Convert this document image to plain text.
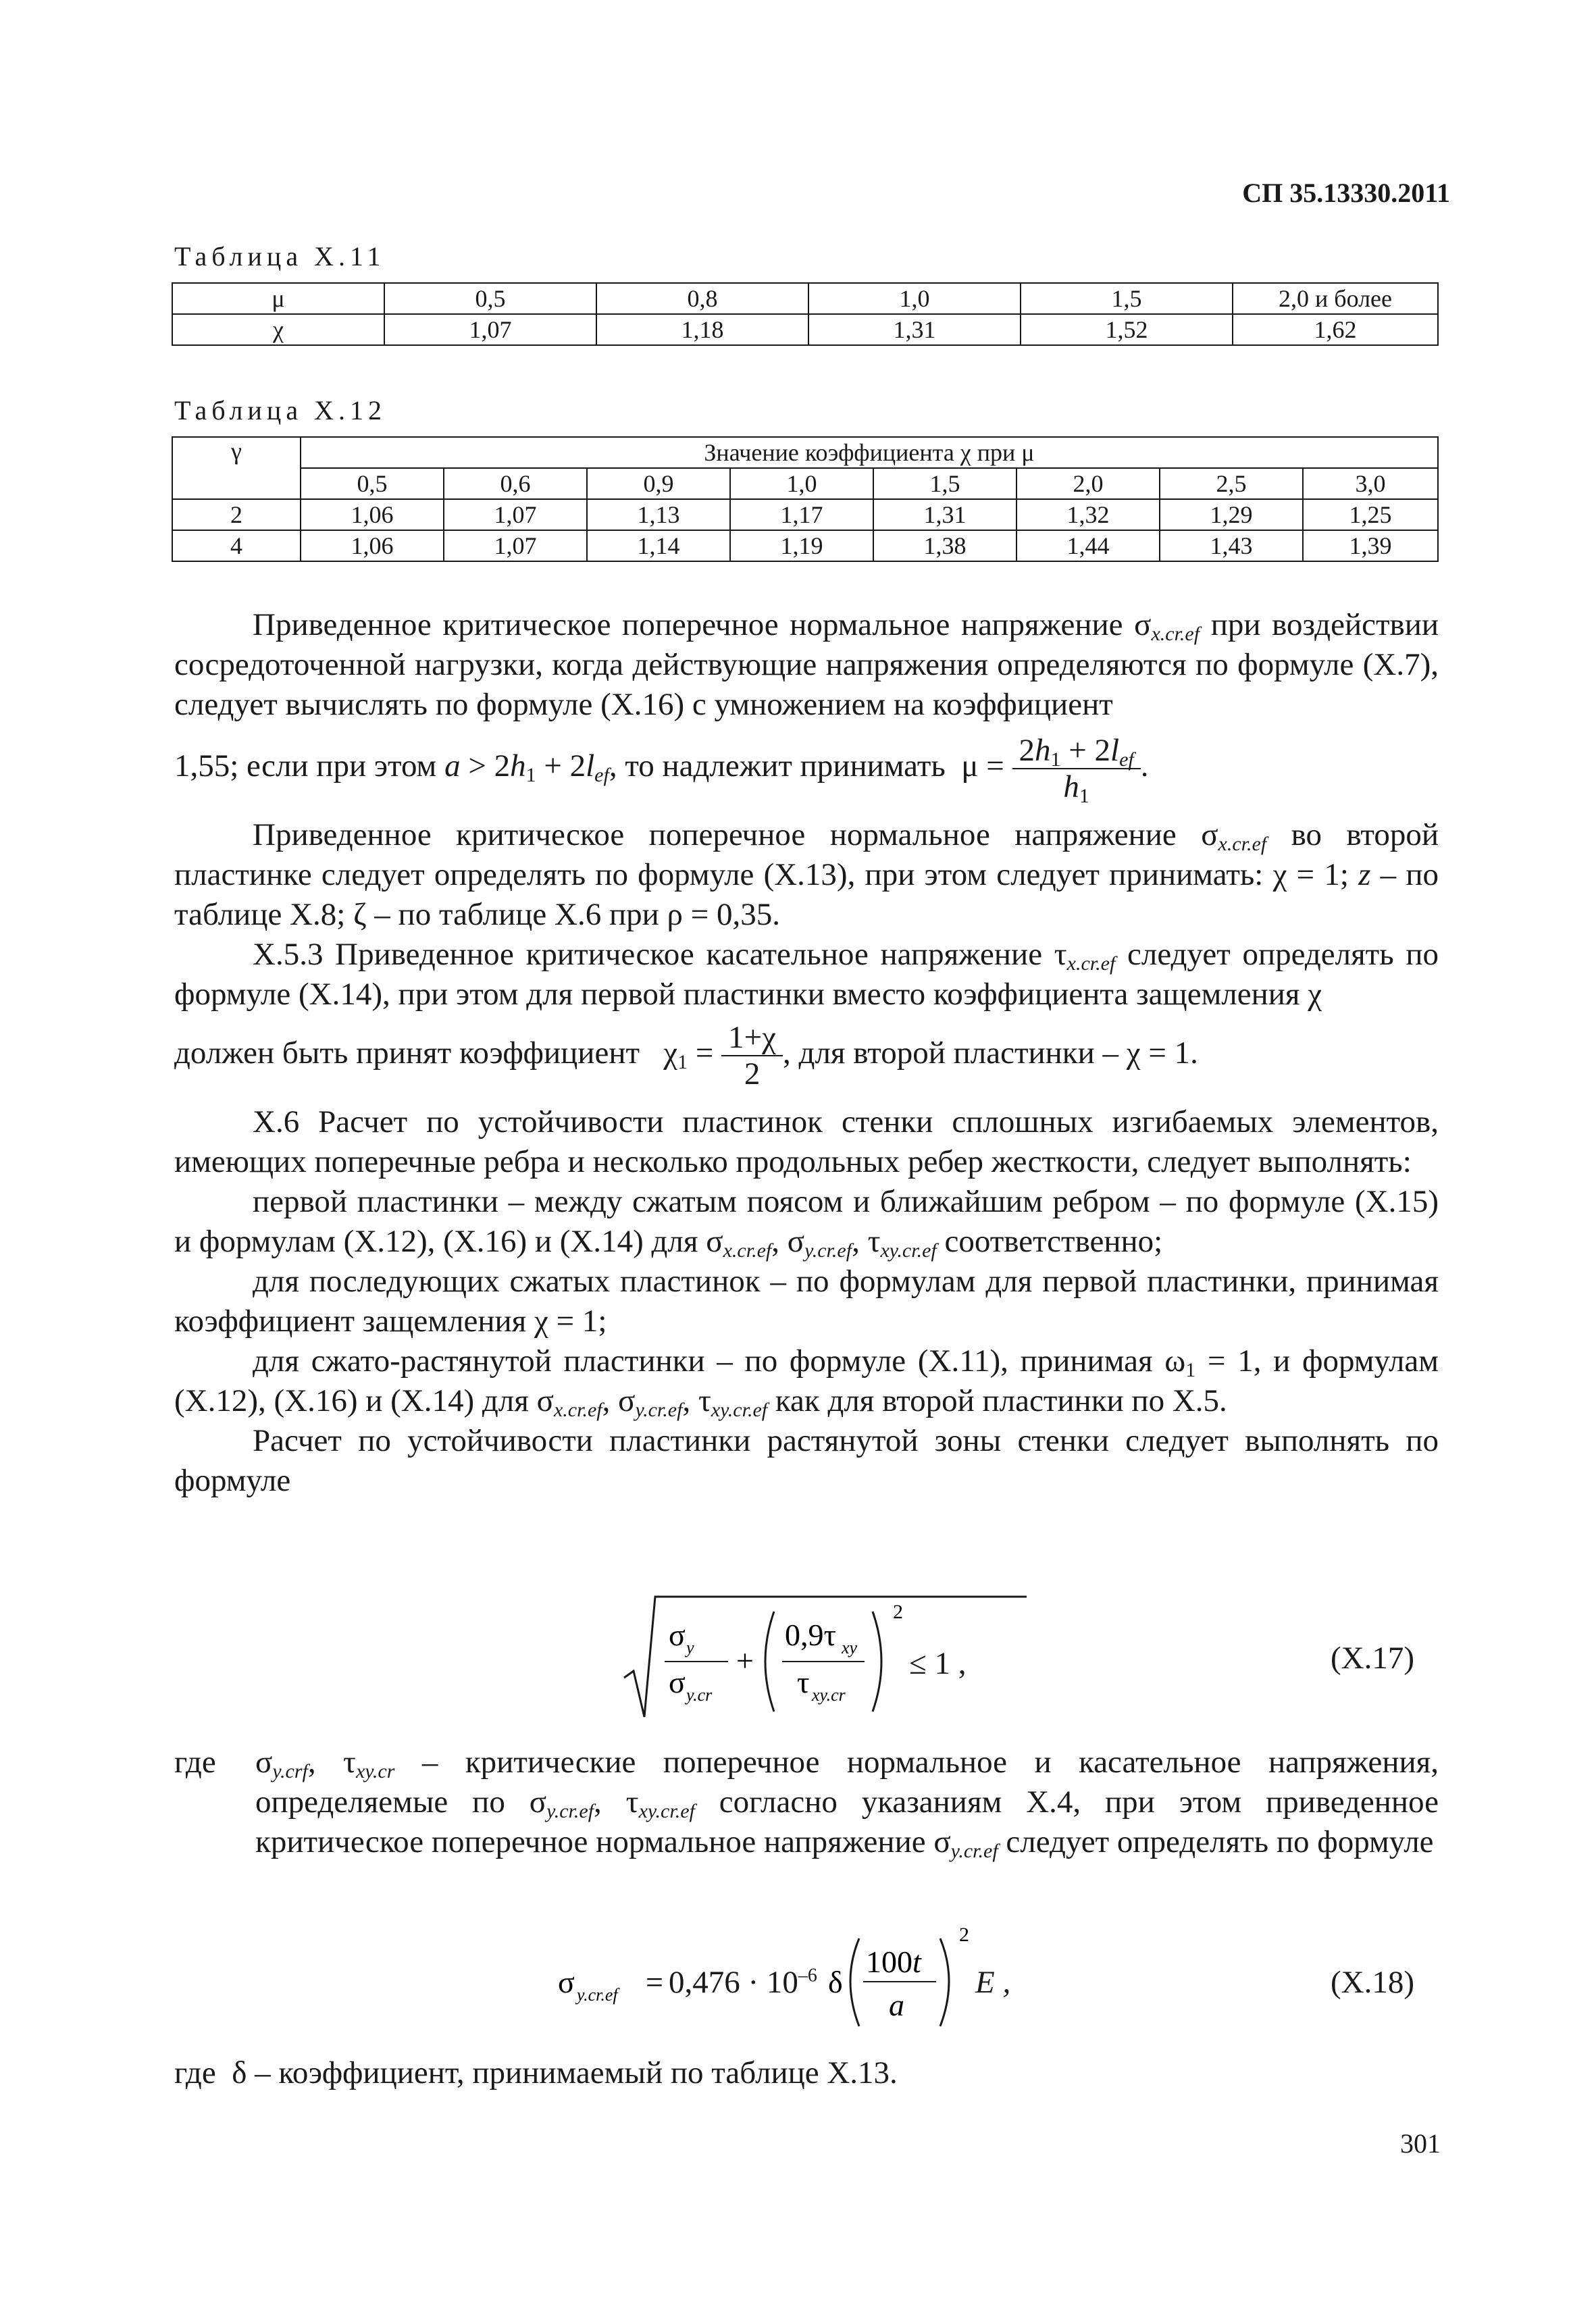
СП 35.13330.2011
Таблица Х.11
μ	0,5	0,8	1,0	1,5	2,0 и более
χ	1,07	1,18	1,31	1,52	1,62
Таблица Х.12
γ	Значение коэффициента χ при μ							
	0,5	0,6	0,9	1,0	1,5	2,0	2,5	3,0
2	1,06	1,07	1,13	1,17	1,31	1,32	1,29	1,25
4	1,06	1,07	1,14	1,19	1,38	1,44	1,43	1,39

Приведенное критическое поперечное нормальное напряжение $\sigma_{x.cr.ef}$ при воздействии сосредоточенной нагрузки, когда действующие напряжения определяются по формуле (Х.7), следует вычислять по формуле (Х.16) с умножением на коэффициент

1,55; если при этом $a > 2h_1 + 2l_{ef}$, то надлежит принимать  $\mu = \frac{2h_1 + 2l_{ef}}{h_1}$ .

Приведенное критическое поперечное нормальное напряжение $\sigma_{x.cr.ef}$ во второй пластинке следует определять по формуле (Х.13), при этом следует принимать: χ = 1; z – по таблице Х.8; ζ – по таблице Х.6 при ρ = 0,35.

Х.5.3 Приведенное критическое касательное напряжение $\tau_{x.cr.ef}$ следует определять по формуле (Х.14), при этом для первой пластинки вместо коэффициента защемления χ

должен быть принят коэффициент   $\chi_1 = \frac{1+\chi}{2}$ , для второй пластинки – χ = 1.

Х.6 Расчет по устойчивости пластинок стенки сплошных изгибаемых элементов, имеющих поперечные ребра и несколько продольных ребер жесткости, следует выполнять:

первой пластинки – между сжатым поясом и ближайшим ребром – по формуле (Х.15) и формулам (Х.12), (Х.16) и (Х.14) для $\sigma_{x.cr.ef}$, $\sigma_{y.cr.ef}$, $\tau_{xy.cr.ef}$ соответственно;

для последующих сжатых пластинок – по формулам для первой пластинки, принимая коэффициент защемления χ = 1;

для сжато-растянутой пластинки – по формуле (Х.11), принимая $\omega_1 = 1$, и формулам (Х.12), (Х.16) и (Х.14) для $\sigma_{x.cr.ef}$, $\sigma_{y.cr.ef}$, $\tau_{xy.cr.ef}$ как для второй пластинки по Х.5.

Расчет по устойчивости пластинки растянутой зоны стенки следует выполнять по формуле

σ y
σ y.cr
+
0,9τ xy
τ xy.cr
2
≤ 1 ,	(Х.17)
где	$\sigma_{y.crf}$, $\tau_{xy.cr}$ – критические поперечное нормальное и касательное напряжения, определяемые по $\sigma_{y.cr.ef}$, $\tau_{xy.cr.ef}$ согласно указаниям Х.4, при этом приведенное критическое поперечное нормальное напряжение $\sigma_{y.cr.ef}$ следует определять по формуле

σ y.cr.ef =	δ
100t
a
2
$0,476 \cdot 10^{-6}$	E ,	(Х.18)
где δ – коэффициент, принимаемый по таблице Х.13.
301
